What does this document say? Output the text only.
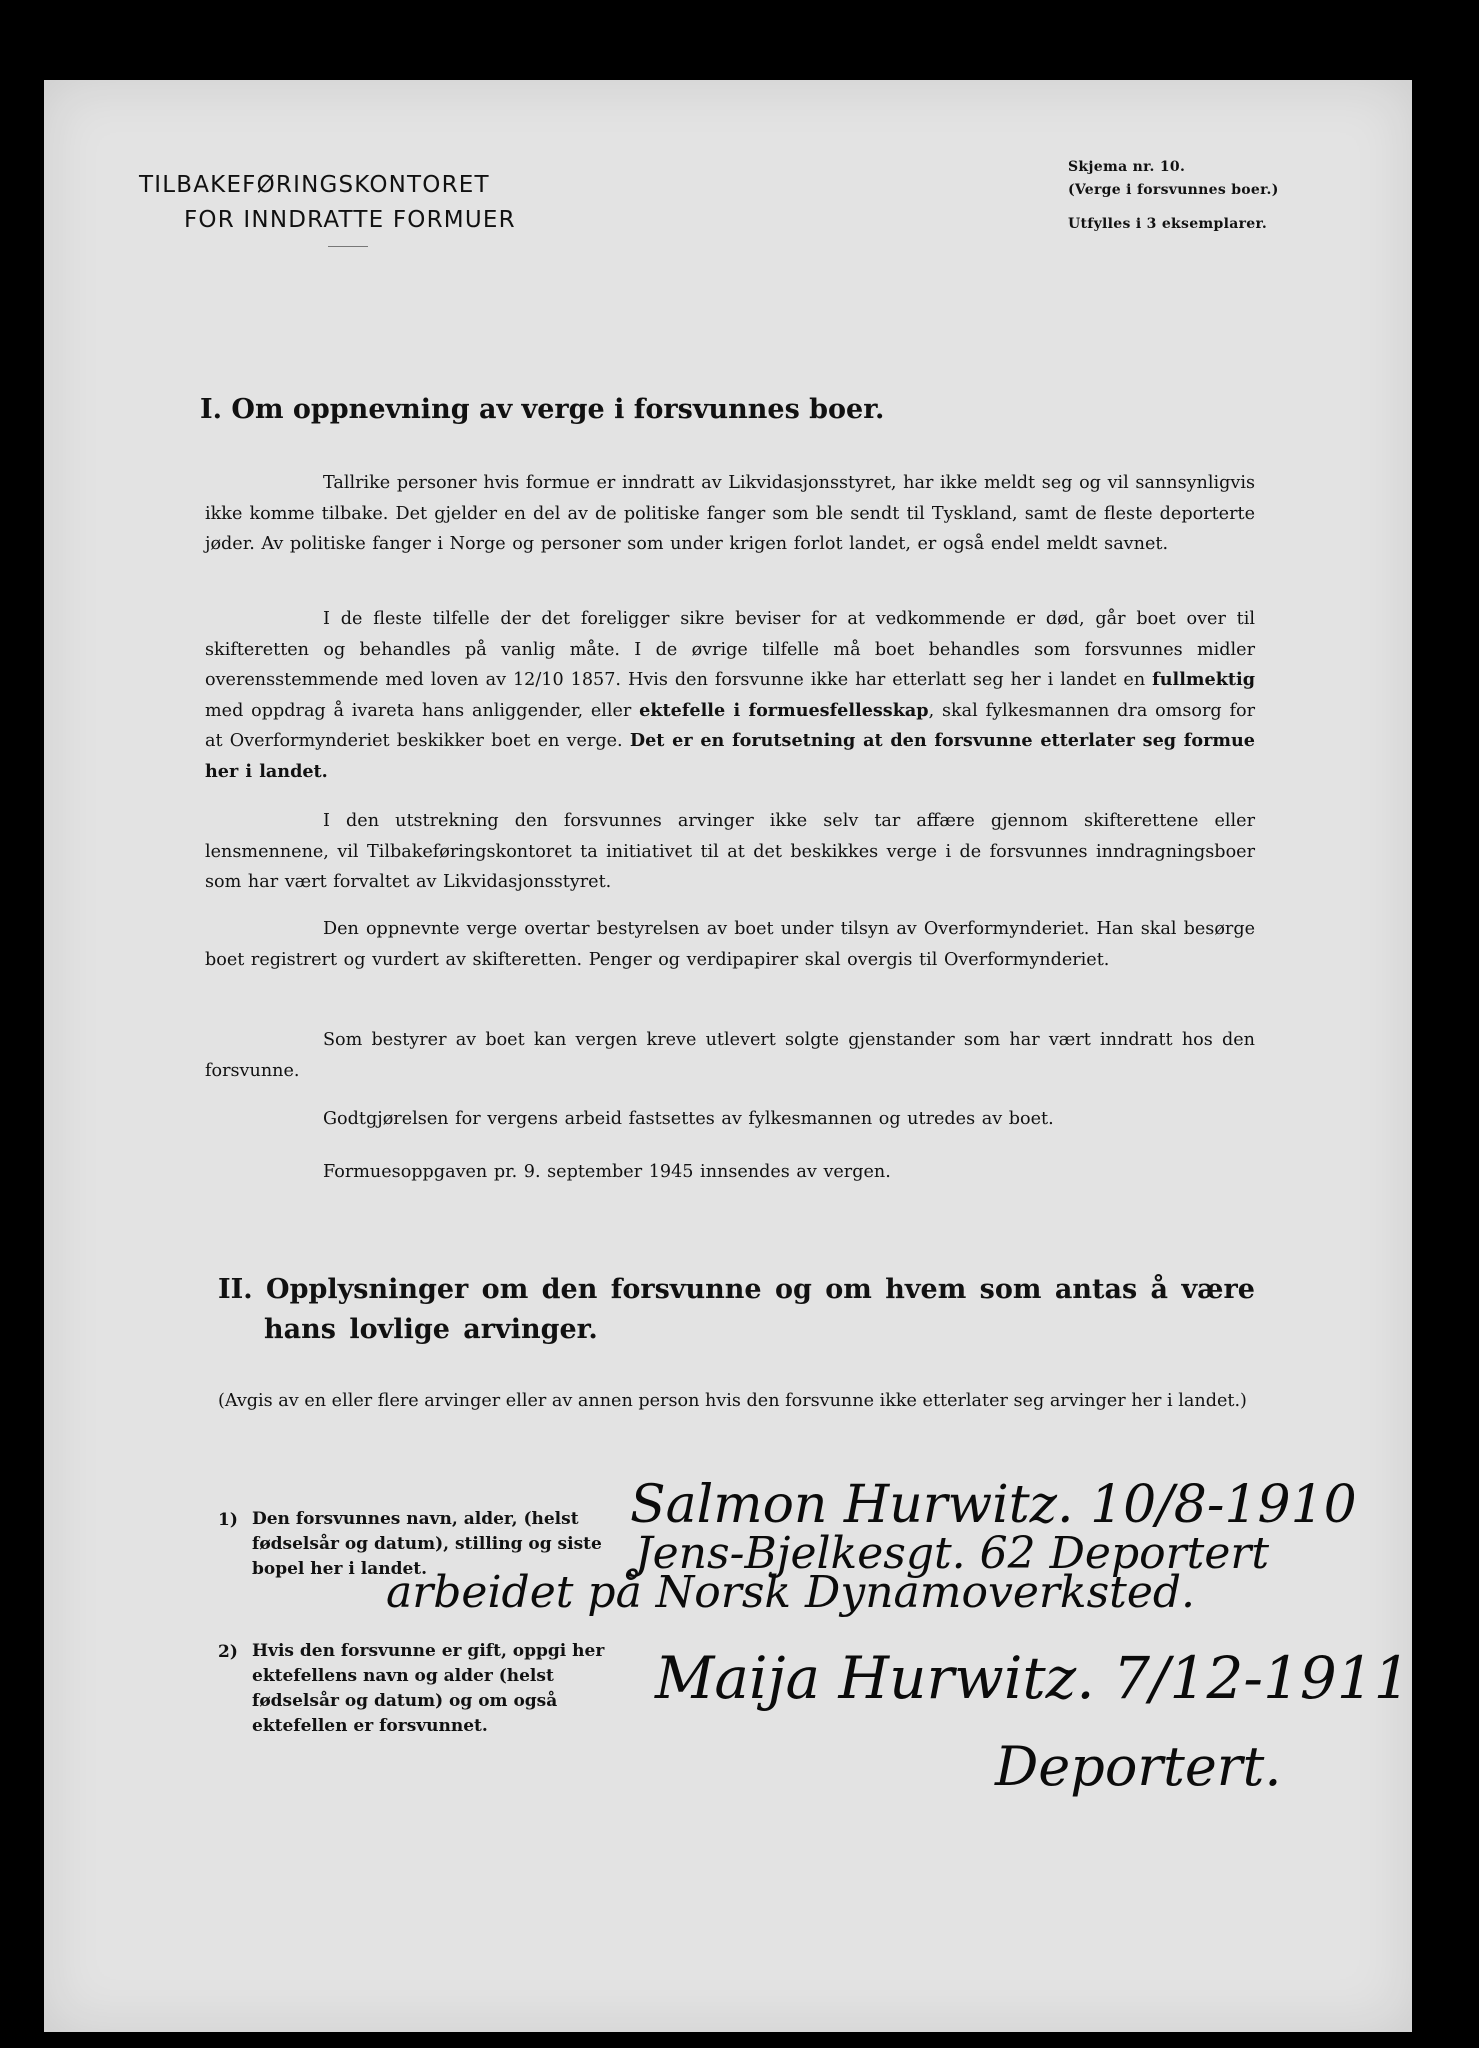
TILBAKEFØRINGSKONTORET
FOR INNDRATTE FORMUER
Skjema nr. 10.
(Verge i forsvunnes boer.)
Utfylles i 3 eksemplarer.
I. Om oppnevning av verge i forsvunnes boer.
Tallrike personer hvis formue er inndratt av Likvidasjonsstyret, har ikke meldt seg og vil sannsynligvis ikke komme tilbake. Det gjelder en del av de politiske fanger som ble sendt til Tyskland, samt de fleste deporterte jøder. Av politiske fanger i Norge og personer som under krigen forlot landet, er også endel meldt savnet.
I de fleste tilfelle der det foreligger sikre beviser for at vedkommende er død, går boet over til skifteretten og behandles på vanlig måte. I de øvrige tilfelle må boet behandles som forsvunnes midler overensstemmende med loven av 12/10 1857. Hvis den forsvunne ikke har etterlatt seg her i landet en fullmektig med oppdrag å ivareta hans anliggender, eller ektefelle i formuesfellesskap, skal fylkesmannen dra omsorg for at Overformynderiet beskikker boet en verge. Det er en forutsetning at den forsvunne etterlater seg formue her i landet.
I den utstrekning den forsvunnes arvinger ikke selv tar affære gjennom skifterettene eller lensmennene, vil Tilbakeføringskontoret ta initiativet til at det beskikkes verge i de forsvunnes inndragningsboer som har vært forvaltet av Likvidasjonsstyret.
Den oppnevnte verge overtar bestyrelsen av boet under tilsyn av Overformynderiet. Han skal besørge boet registrert og vurdert av skifteretten. Penger og verdipapirer skal overgis til Overformynderiet.
Som bestyrer av boet kan vergen kreve utlevert solgte gjenstander som har vært inndratt hos den forsvunne.
Godtgjørelsen for vergens arbeid fastsettes av fylkesmannen og utredes av boet.
Formuesoppgaven pr. 9. september 1945 innsendes av vergen.
II. Opplysninger om den forsvunne og om hvem som antas å være
hans lovlige arvinger.
(Avgis av en eller flere arvinger eller av annen person hvis den forsvunne ikke etterlater seg arvinger her i landet.)
1) Den forsvunnes navn, alder, (helst fødselsår og datum), stilling og siste bopel her i landet.
Salmon Hurwitz. 10/8-1910
Jens-Bjelkesgt. 62 Deportert
arbeidet på Norsk Dynamoverksted.
2) Hvis den forsvunne er gift, oppgi her ektefellens navn og alder (helst fødselsår og datum) og om også ektefellen er forsvunnet.
Maija Hurwitz. 7/12-1911
Deportert.
